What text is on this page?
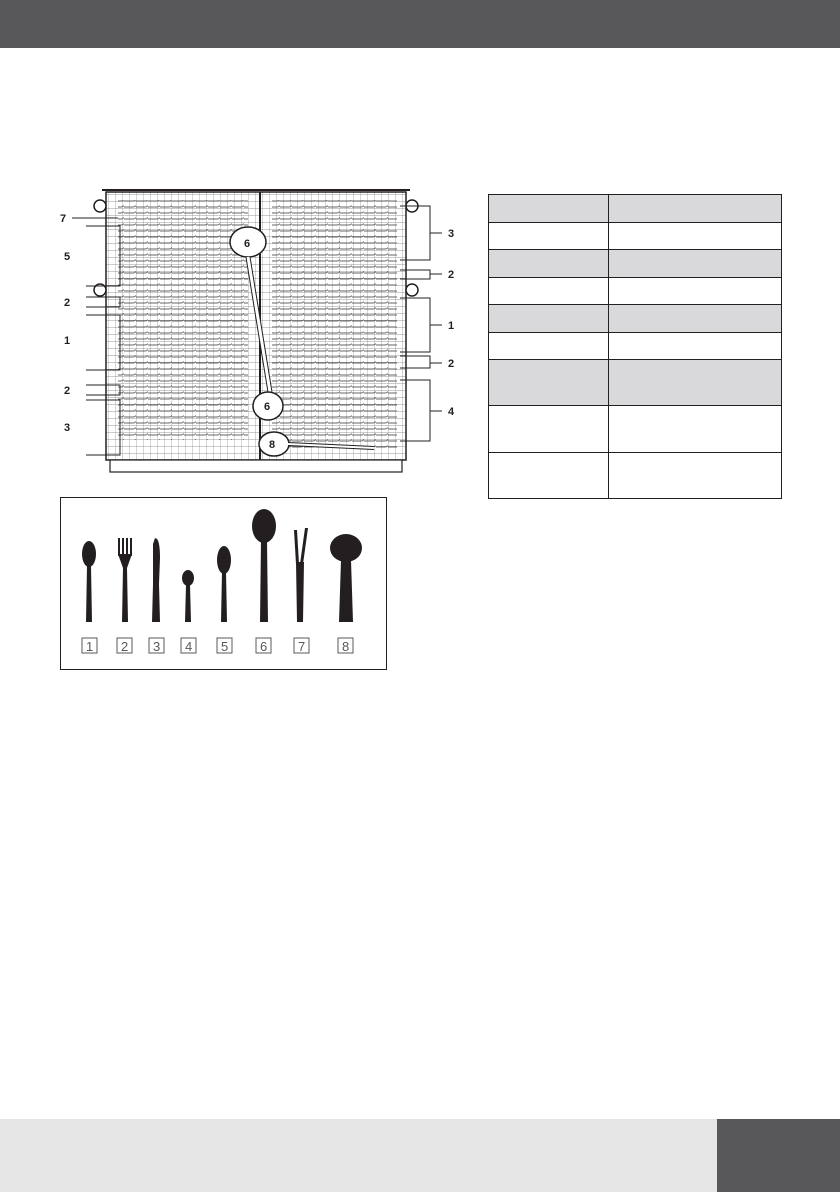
6
6
8
7
5
2
1
2
3
3
2
1
2
4
1 2 3 4 5 6 7	8
